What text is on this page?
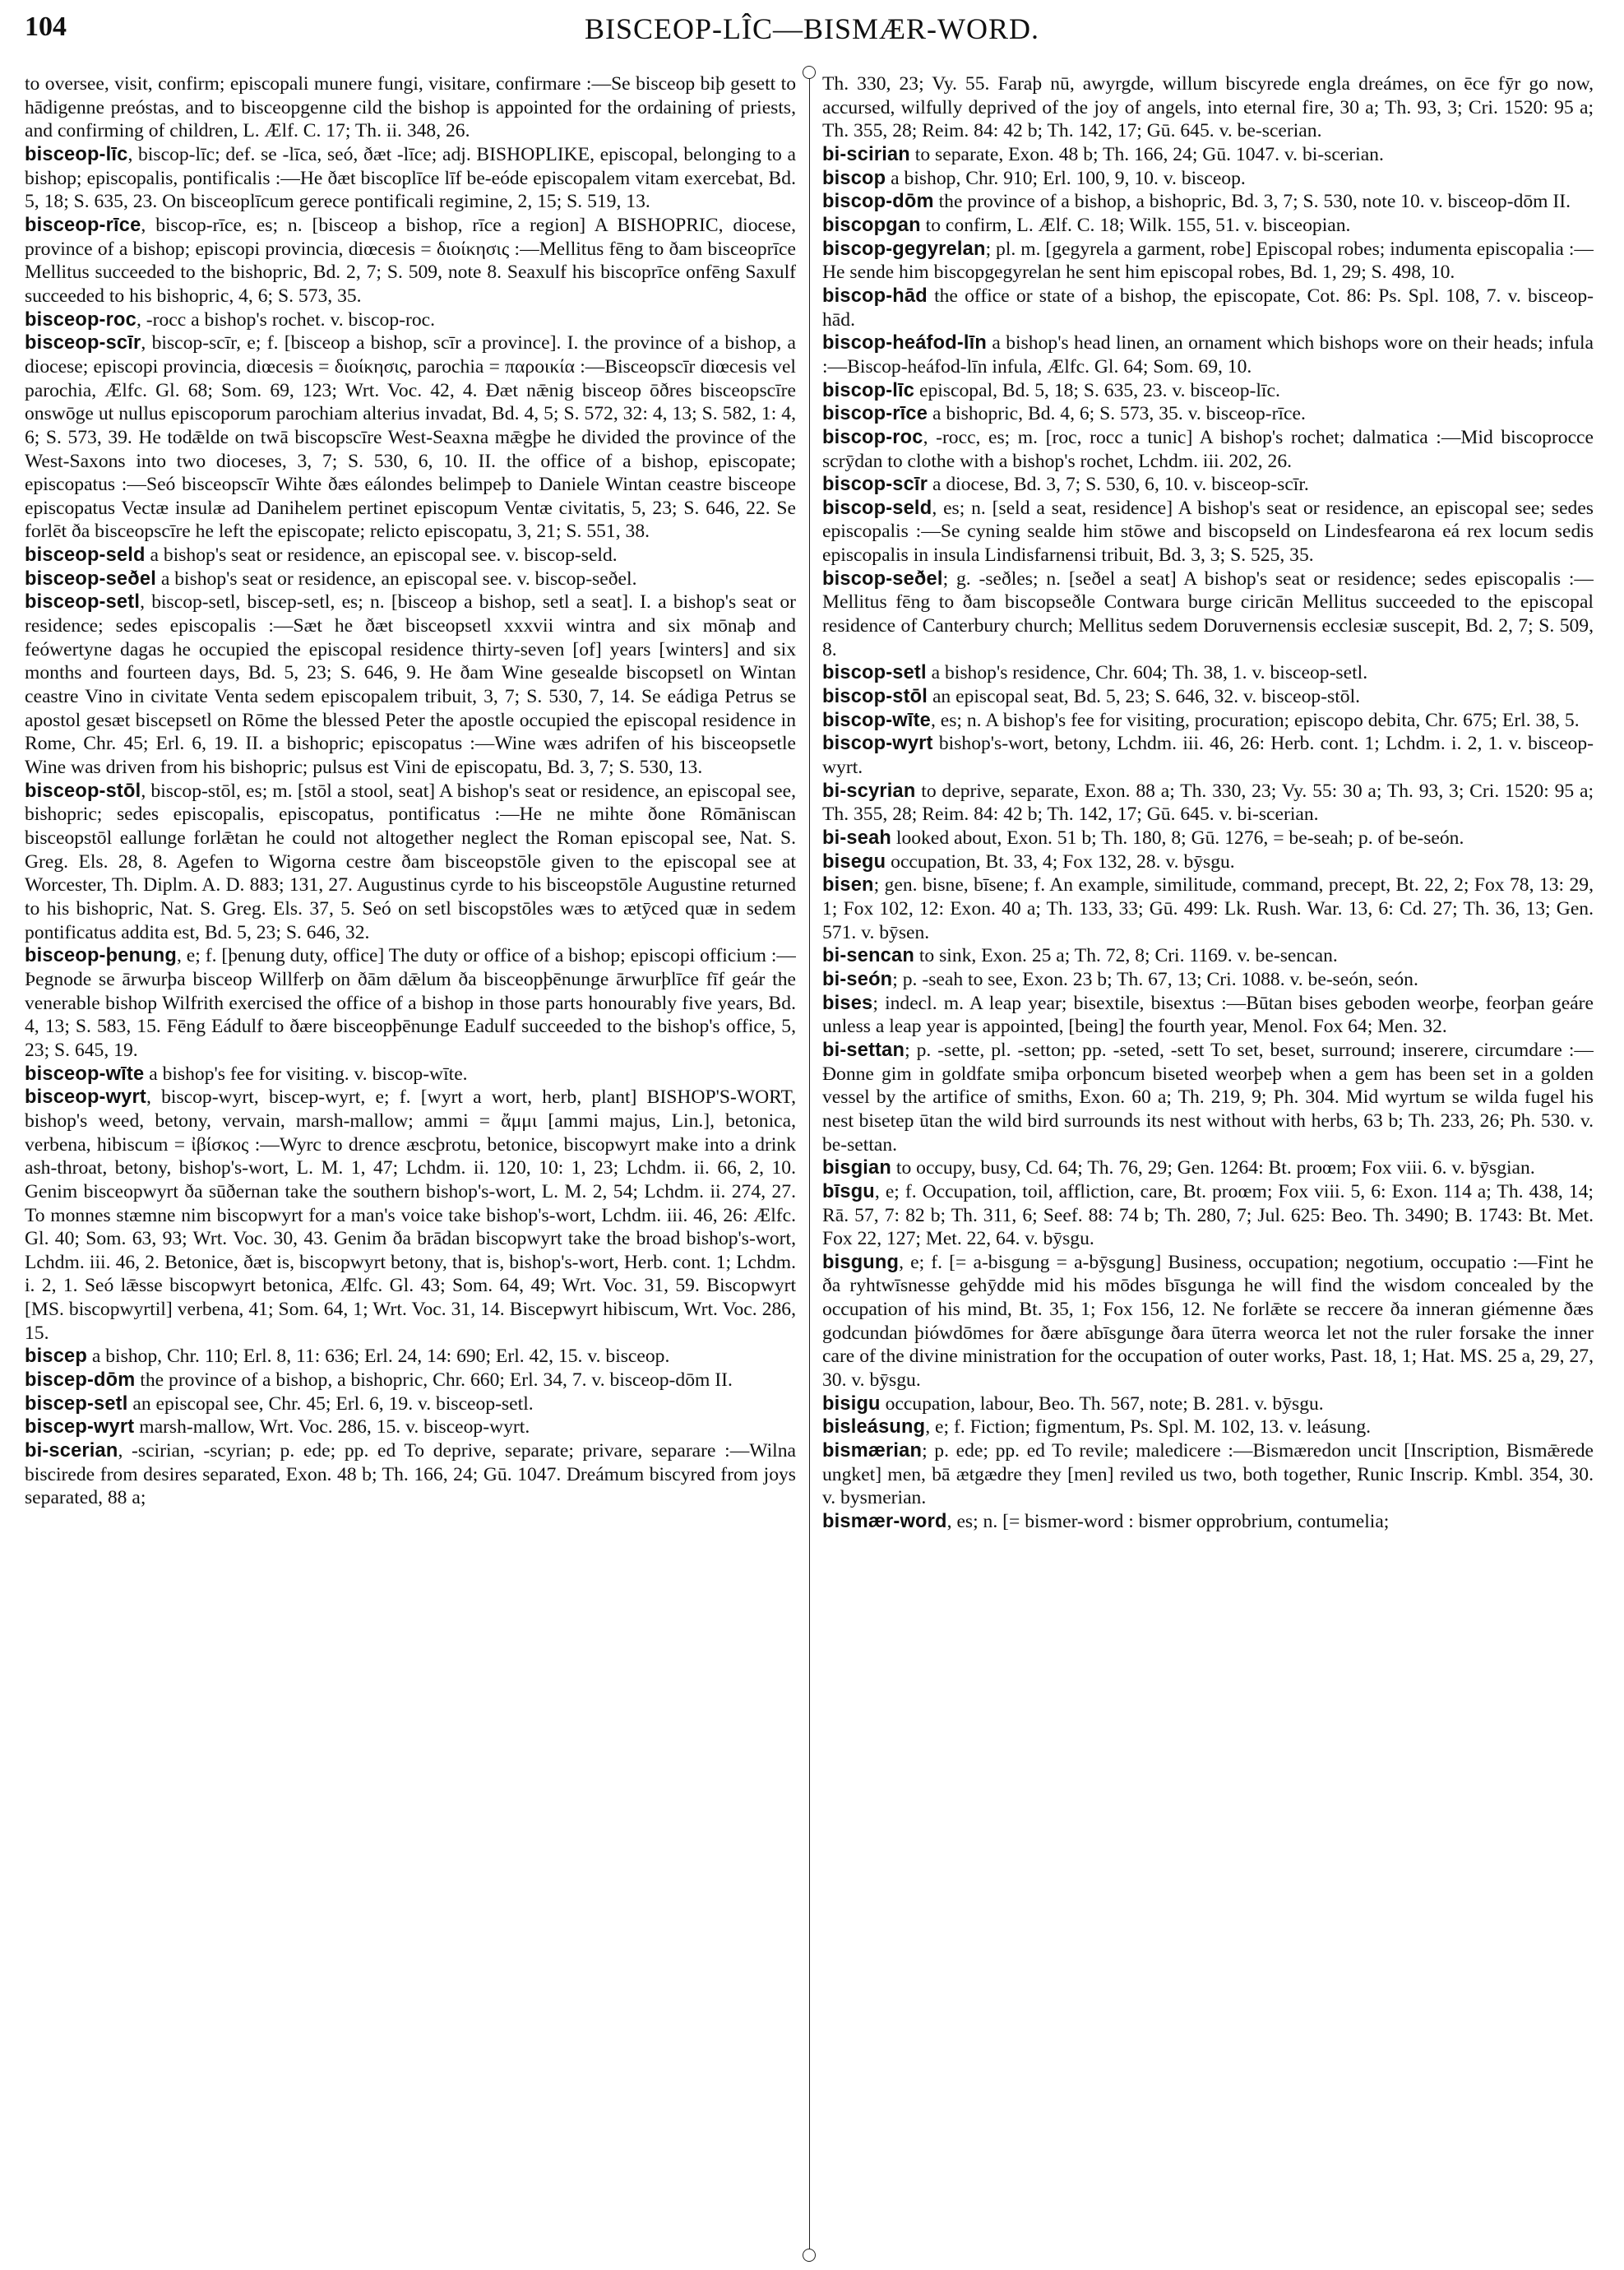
104	BISCEOP-LÎC—BISMÆR-WORD.

to oversee, visit, confirm; episcopali munere fungi, visitare, confirmare :—Se bisceop biþ gesett to hādigenne preóstas, and to bisceopgenne cild the bishop is appointed for the ordaining of priests, and confirming of children, L. Ælf. C. 17; Th. ii. 348, 26.

bisceop-līc, biscop-līc; def. se -līca, seó, ðæt -līce; adj. BISHOPLIKE, episcopal, belonging to a bishop; episcopalis, pontificalis :—He ðæt biscoplīce līf be-eóde episcopalem vitam exercebat, Bd. 5, 18; S. 635, 23. On bisceoplīcum gerece pontificali regimine, 2, 15; S. 519, 13.

bisceop-rīce, biscop-rīce, es; n. [bisceop a bishop, rīce a region] A BISHOPRIC, diocese, province of a bishop; episcopi provincia, diœcesis = διοίκησις :—Mellitus fēng to ðam bisceoprīce Mellitus succeeded to the bishopric, Bd. 2, 7; S. 509, note 8. Seaxulf his biscoprīce onfēng Saxulf succeeded to his bishopric, 4, 6; S. 573, 35.

bisceop-roc, -rocc a bishop's rochet. v. biscop-roc.

bisceop-scīr, biscop-scīr, e; f. [bisceop a bishop, scīr a province]. I. the province of a bishop, a diocese; episcopi provincia, diœcesis = διοίκησις, parochia = παροικία :—Bisceopscīr diœcesis vel parochia, Ælfc. Gl. 68; Som. 69, 123; Wrt. Voc. 42, 4. Ðæt nǣnig bisceop ōðres bisceopscīre onswōge ut nullus episcoporum parochiam alterius invadat, Bd. 4, 5; S. 572, 32: 4, 13; S. 582, 1: 4, 6; S. 573, 39. He todǣlde on twā biscopscīre West-Seaxna mǣgþe he divided the province of the West-Saxons into two dioceses, 3, 7; S. 530, 6, 10. II. the office of a bishop, episcopate; episcopatus :—Seó bisceopscīr Wihte ðæs eálondes belimpeþ to Daniele Wintan ceastre bisceope episcopatus Vectæ insulæ ad Danihelem pertinet episcopum Ventæ civitatis, 5, 23; S. 646, 22. Se forlēt ða bisceopscīre he left the episcopate; relicto episcopatu, 3, 21; S. 551, 38.

bisceop-seld a bishop's seat or residence, an episcopal see. v. biscop-seld.

bisceop-seðel a bishop's seat or residence, an episcopal see. v. biscop-seðel.

bisceop-setl, biscop-setl, biscep-setl, es; n. [bisceop a bishop, setl a seat]. I. a bishop's seat or residence; sedes episcopalis :—Sæt he ðæt bisceopsetl xxxvii wintra and six mōnaþ and feówertyne dagas he occupied the episcopal residence thirty-seven [of] years [winters] and six months and fourteen days, Bd. 5, 23; S. 646, 9. He ðam Wine gesealde biscopsetl on Wintan ceastre Vino in civitate Venta sedem episcopalem tribuit, 3, 7; S. 530, 7, 14. Se eádiga Petrus se apostol gesæt biscepsetl on Rōme the blessed Peter the apostle occupied the episcopal residence in Rome, Chr. 45; Erl. 6, 19. II. a bishopric; episcopatus :—Wine wæs adrifen of his bisceopsetle Wine was driven from his bishopric; pulsus est Vini de episcopatu, Bd. 3, 7; S. 530, 13.

bisceop-stōl, biscop-stōl, es; m. [stōl a stool, seat] A bishop's seat or residence, an episcopal see, bishopric; sedes episcopalis, episcopatus, pontificatus :—He ne mihte ðone Rōmāniscan bisceopstōl eallunge forlǣtan he could not altogether neglect the Roman episcopal see, Nat. S. Greg. Els. 28, 8. Agefen to Wigorna cestre ðam bisceopstōle given to the episcopal see at Worcester, Th. Diplm. A. D. 883; 131, 27. Augustinus cyrde to his bisceopstōle Augustine returned to his bishopric, Nat. S. Greg. Els. 37, 5. Seó on setl biscopstōles wæs to ætȳced quæ in sedem pontificatus addita est, Bd. 5, 23; S. 646, 32.

bisceop-þenung, e; f. [þenung duty, office] The duty or office of a bishop; episcopi officium :—Þegnode se ārwurþa bisceop Willferþ on ðām dǣlum ða bisceopþēnunge ārwurþlīce fīf geár the venerable bishop Wilfrith exercised the office of a bishop in those parts honourably five years, Bd. 4, 13; S. 583, 15. Fēng Eádulf to ðære bisceopþēnunge Eadulf succeeded to the bishop's office, 5, 23; S. 645, 19.

bisceop-wīte a bishop's fee for visiting. v. biscop-wīte.

bisceop-wyrt, biscop-wyrt, biscep-wyrt, e; f. [wyrt a wort, herb, plant] BISHOP'S-WORT, bishop's weed, betony, vervain, marsh-mallow; ammi = ἄμμι [ammi majus, Lin.], betonica, verbena, hibiscum = ἰβίσκος :—Wyrc to drence æscþrotu, betonice, biscopwyrt make into a drink ash-throat, betony, bishop's-wort, L. M. 1, 47; Lchdm. ii. 120, 10: 1, 23; Lchdm. ii. 66, 2, 10. Genim bisceopwyrt ða sūðernan take the southern bishop's-wort, L. M. 2, 54; Lchdm. ii. 274, 27. To monnes stæmne nim biscopwyrt for a man's voice take bishop's-wort, Lchdm. iii. 46, 26: Ælfc. Gl. 40; Som. 63, 93; Wrt. Voc. 30, 43. Genim ða brādan biscopwyrt take the broad bishop's-wort, Lchdm. iii. 46, 2. Betonice, ðæt is, biscopwyrt betony, that is, bishop's-wort, Herb. cont. 1; Lchdm. i. 2, 1. Seó lǣsse biscopwyrt betonica, Ælfc. Gl. 43; Som. 64, 49; Wrt. Voc. 31, 59. Biscopwyrt [MS. biscopwyrtil] verbena, 41; Som. 64, 1; Wrt. Voc. 31, 14. Biscepwyrt hibiscum, Wrt. Voc. 286, 15.

biscep a bishop, Chr. 110; Erl. 8, 11: 636; Erl. 24, 14: 690; Erl. 42, 15. v. bisceop.

biscep-dōm the province of a bishop, a bishopric, Chr. 660; Erl. 34, 7. v. bisceop-dōm II.

biscep-setl an episcopal see, Chr. 45; Erl. 6, 19. v. bisceop-setl.

biscep-wyrt marsh-mallow, Wrt. Voc. 286, 15. v. bisceop-wyrt.

bi-scerian, -scirian, -scyrian; p. ede; pp. ed To deprive, separate; privare, separare :—Wilna biscirede from desires separated, Exon. 48 b; Th. 166, 24; Gū. 1047. Dreámum biscyred from joys separated, 88 a;

Th. 330, 23; Vy. 55. Faraþ nū, awyrgde, willum biscyrede engla dreámes, on ēce fȳr go now, accursed, wilfully deprived of the joy of angels, into eternal fire, 30 a; Th. 93, 3; Cri. 1520: 95 a; Th. 355, 28; Reim. 84: 42 b; Th. 142, 17; Gū. 645. v. be-scerian.

bi-scirian to separate, Exon. 48 b; Th. 166, 24; Gū. 1047. v. bi-scerian.

biscop a bishop, Chr. 910; Erl. 100, 9, 10. v. bisceop.

biscop-dōm the province of a bishop, a bishopric, Bd. 3, 7; S. 530, note 10. v. bisceop-dōm II.

biscopgan to confirm, L. Ælf. C. 18; Wilk. 155, 51. v. bisceopian.

biscop-gegyrelan; pl. m. [gegyrela a garment, robe] Episcopal robes; indumenta episcopalia :—He sende him biscopgegyrelan he sent him episcopal robes, Bd. 1, 29; S. 498, 10.

biscop-hād the office or state of a bishop, the episcopate, Cot. 86: Ps. Spl. 108, 7. v. bisceop-hād.

biscop-heáfod-līn a bishop's head linen, an ornament which bishops wore on their heads; infula :—Biscop-heáfod-līn infula, Ælfc. Gl. 64; Som. 69, 10.

biscop-līc episcopal, Bd. 5, 18; S. 635, 23. v. bisceop-līc.

biscop-rīce a bishopric, Bd. 4, 6; S. 573, 35. v. bisceop-rīce.

biscop-roc, -rocc, es; m. [roc, rocc a tunic] A bishop's rochet; dalmatica :—Mid biscoprocce scrȳdan to clothe with a bishop's rochet, Lchdm. iii. 202, 26.

biscop-scīr a diocese, Bd. 3, 7; S. 530, 6, 10. v. bisceop-scīr.

biscop-seld, es; n. [seld a seat, residence] A bishop's seat or residence, an episcopal see; sedes episcopalis :—Se cyning sealde him stōwe and biscopseld on Lindesfearona eá rex locum sedis episcopalis in insula Lindisfarnensi tribuit, Bd. 3, 3; S. 525, 35.

biscop-seðel; g. -seðles; n. [seðel a seat] A bishop's seat or residence; sedes episcopalis :—Mellitus fēng to ðam biscopseðle Contwara burge ciricān Mellitus succeeded to the episcopal residence of Canterbury church; Mellitus sedem Doruvernensis ecclesiæ suscepit, Bd. 2, 7; S. 509, 8.

biscop-setl a bishop's residence, Chr. 604; Th. 38, 1. v. bisceop-setl.

biscop-stōl an episcopal seat, Bd. 5, 23; S. 646, 32. v. bisceop-stōl.

biscop-wīte, es; n. A bishop's fee for visiting, procuration; episcopo debita, Chr. 675; Erl. 38, 5.

biscop-wyrt bishop's-wort, betony, Lchdm. iii. 46, 26: Herb. cont. 1; Lchdm. i. 2, 1. v. bisceop-wyrt.

bi-scyrian to deprive, separate, Exon. 88 a; Th. 330, 23; Vy. 55: 30 a; Th. 93, 3; Cri. 1520: 95 a; Th. 355, 28; Reim. 84: 42 b; Th. 142, 17; Gū. 645. v. bi-scerian.

bi-seah looked about, Exon. 51 b; Th. 180, 8; Gū. 1276, = be-seah; p. of be-seón.

bisegu occupation, Bt. 33, 4; Fox 132, 28. v. bȳsgu.

bisen; gen. bisne, bīsene; f. An example, similitude, command, precept, Bt. 22, 2; Fox 78, 13: 29, 1; Fox 102, 12: Exon. 40 a; Th. 133, 33; Gū. 499: Lk. Rush. War. 13, 6: Cd. 27; Th. 36, 13; Gen. 571. v. bȳsen.

bi-sencan to sink, Exon. 25 a; Th. 72, 8; Cri. 1169. v. be-sencan.

bi-seón; p. -seah to see, Exon. 23 b; Th. 67, 13; Cri. 1088. v. be-seón, seón.

bises; indecl. m. A leap year; bisextile, bisextus :—Būtan bises geboden weorþe, feorþan geáre unless a leap year is appointed, [being] the fourth year, Menol. Fox 64; Men. 32.

bi-settan; p. -sette, pl. -setton; pp. -seted, -sett To set, beset, surround; inserere, circumdare :—Ðonne gim in goldfate smiþa orþoncum biseted weorþeþ when a gem has been set in a golden vessel by the artifice of smiths, Exon. 60 a; Th. 219, 9; Ph. 304. Mid wyrtum se wilda fugel his nest bisetep ūtan the wild bird surrounds its nest without with herbs, 63 b; Th. 233, 26; Ph. 530. v. be-settan.

bisgian to occupy, busy, Cd. 64; Th. 76, 29; Gen. 1264: Bt. proœm; Fox viii. 6. v. bȳsgian.

bīsgu, e; f. Occupation, toil, affliction, care, Bt. proœm; Fox viii. 5, 6: Exon. 114 a; Th. 438, 14; Rā. 57, 7: 82 b; Th. 311, 6; Seef. 88: 74 b; Th. 280, 7; Jul. 625: Beo. Th. 3490; B. 1743: Bt. Met. Fox 22, 127; Met. 22, 64. v. bȳsgu.

bisgung, e; f. [= a-bisgung = a-bȳsgung] Business, occupation; negotium, occupatio :—Fint he ða ryhtwīsnesse gehȳdde mid his mōdes bīsgunga he will find the wisdom concealed by the occupation of his mind, Bt. 35, 1; Fox 156, 12. Ne forlǣte se reccere ða inneran giémenne ðæs godcundan þiówdōmes for ðære abīsgunge ðara ūterra weorca let not the ruler forsake the inner care of the divine ministration for the occupation of outer works, Past. 18, 1; Hat. MS. 25 a, 29, 27, 30. v. bȳsgu.

bisigu occupation, labour, Beo. Th. 567, note; B. 281. v. bȳsgu.

bisleásung, e; f. Fiction; figmentum, Ps. Spl. M. 102, 13. v. leásung.

bismærian; p. ede; pp. ed To revile; maledicere :—Bismæredon uncit [Inscription, Bismǣrede ungket] men, bā ætgædre they [men] reviled us two, both together, Runic Inscrip. Kmbl. 354, 30. v. bysmerian.

bismær-word, es; n. [= bismer-word : bismer opprobrium, contumelia;
